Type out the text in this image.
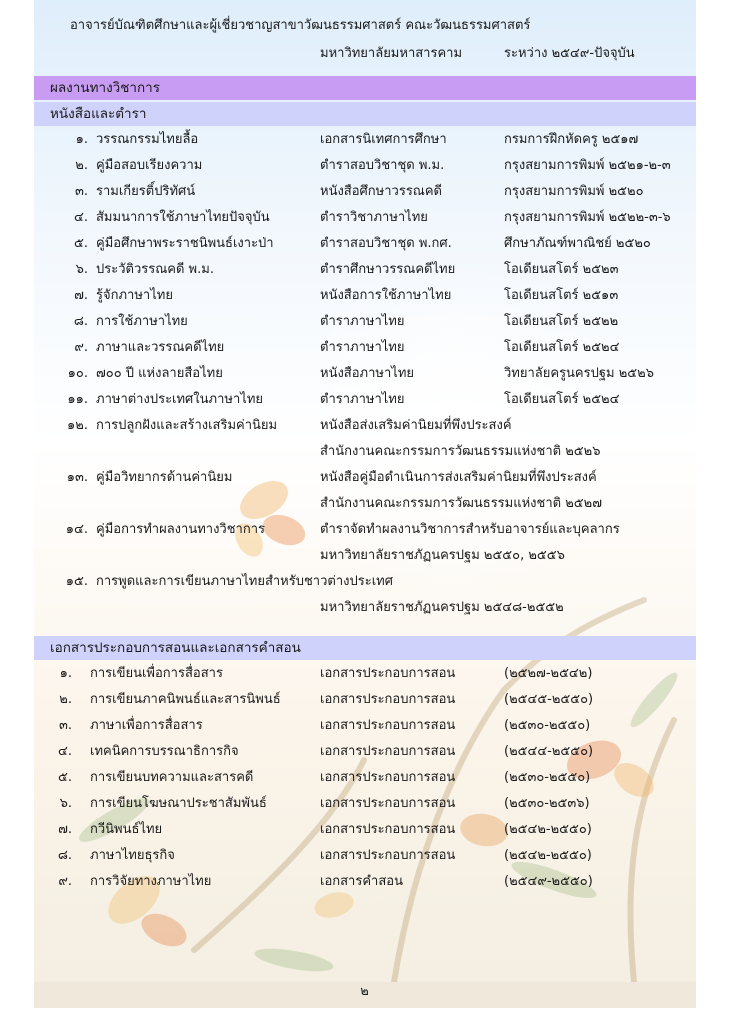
อาจารย์บัณฑิตศึกษาและผู้เชี่ยวชาญสาขาวัฒนธรรมศาสตร์ คณะวัฒนธรรมศาสตร์
มหาวิทยาลัยมหาสารคาม	ระหว่าง ๒๕๔๙-ปัจจุบัน
ผลงานทางวิชาการ
หนังสือและตำรา
๑. วรรณกรรมไทยลื้อ	เอกสารนิเทศการศึกษา	กรมการฝึกหัดครู ๒๕๑๗
๒. คู่มือสอบเรียงความ	ตำราสอบวิชาชุด พ.ม.	กรุงสยามการพิมพ์ ๒๕๒๑-๒-๓
๓. รามเกียรติ์ปริทัศน์	หนังสือศึกษาวรรณคดี	กรุงสยามการพิมพ์ ๒๕๒๐
๔. สัมมนาการใช้ภาษาไทยปัจจุบัน	ตำราวิชาภาษาไทย	กรุงสยามการพิมพ์ ๒๕๒๒-๓-๖
๕. คู่มือศึกษาพระราชนิพนธ์เงาะป่า	ตำราสอบวิชาชุด พ.กศ.	ศึกษาภัณฑ์พาณิชย์ ๒๕๒๐
๖. ประวัติวรรณคดี พ.ม.	ตำราศึกษาวรรณคดีไทย	โอเดียนสโตร์ ๒๕๒๓
๗. รู้จักภาษาไทย	หนังสือการใช้ภาษาไทย	โอเดียนสโตร์ ๒๕๑๓
๘. การใช้ภาษาไทย	ตำราภาษาไทย	โอเดียนสโตร์ ๒๕๒๒
๙. ภาษาและวรรณคดีไทย	ตำราภาษาไทย	โอเดียนสโตร์ ๒๕๒๔
๑๐. ๗๐๐ ปี แห่งลายสือไทย	หนังสือภาษาไทย	วิทยาลัยครูนครปฐม ๒๕๒๖
๑๑. ภาษาต่างประเทศในภาษาไทย	ตำราภาษาไทย	โอเดียนสโตร์ ๒๕๒๔
๑๒. การปลูกฝังและสร้างเสริมค่านิยม	หนังสือส่งเสริมค่านิยมที่พึงประสงค์
สำนักงานคณะกรรมการวัฒนธรรมแห่งชาติ ๒๕๒๖
๑๓. คู่มือวิทยากรด้านค่านิยม	หนังสือคู่มือดำเนินการส่งเสริมค่านิยมที่พึงประสงค์
สำนักงานคณะกรรมการวัฒนธรรมแห่งชาติ ๒๕๒๗
๑๔. คู่มือการทำผลงานทางวิชาการ	ตำราจัดทำผลงานวิชาการสำหรับอาจารย์และบุคลากร
มหาวิทยาลัยราชภัฏนครปฐม ๒๕๕๐, ๒๕๕๖
๑๕. การพูดและการเขียนภาษาไทยสำหรับชาวต่างประเทศ
มหาวิทยาลัยราชภัฏนครปฐม ๒๕๔๘-๒๕๕๒
เอกสารประกอบการสอนและเอกสารคำสอน
๑. การเขียนเพื่อการสื่อสาร	เอกสารประกอบการสอน	(๒๕๒๗-๒๕๔๒)
๒. การเขียนภาคนิพนธ์และสารนิพนธ์	เอกสารประกอบการสอน	(๒๕๔๕-๒๕๕๐)
๓. ภาษาเพื่อการสื่อสาร	เอกสารประกอบการสอน	(๒๕๓๐-๒๕๕๐)
๔. เทคนิคการบรรณาธิการกิจ	เอกสารประกอบการสอน	(๒๕๔๔-๒๕๕๐)
๕. การเขียนบทความและสารคดี	เอกสารประกอบการสอน	(๒๕๓๐-๒๕๕๐)
๖. การเขียนโฆษณาประชาสัมพันธ์	เอกสารประกอบการสอน	(๒๕๓๐-๒๕๓๖)
๗. กวีนิพนธ์ไทย	เอกสารประกอบการสอน	(๒๕๔๒-๒๕๕๐)
๘. ภาษาไทยธุรกิจ	เอกสารประกอบการสอน	(๒๕๔๒-๒๕๕๐)
๙. การวิจัยทางภาษาไทย	เอกสารคำสอน	(๒๕๔๙-๒๕๕๐)
๒
